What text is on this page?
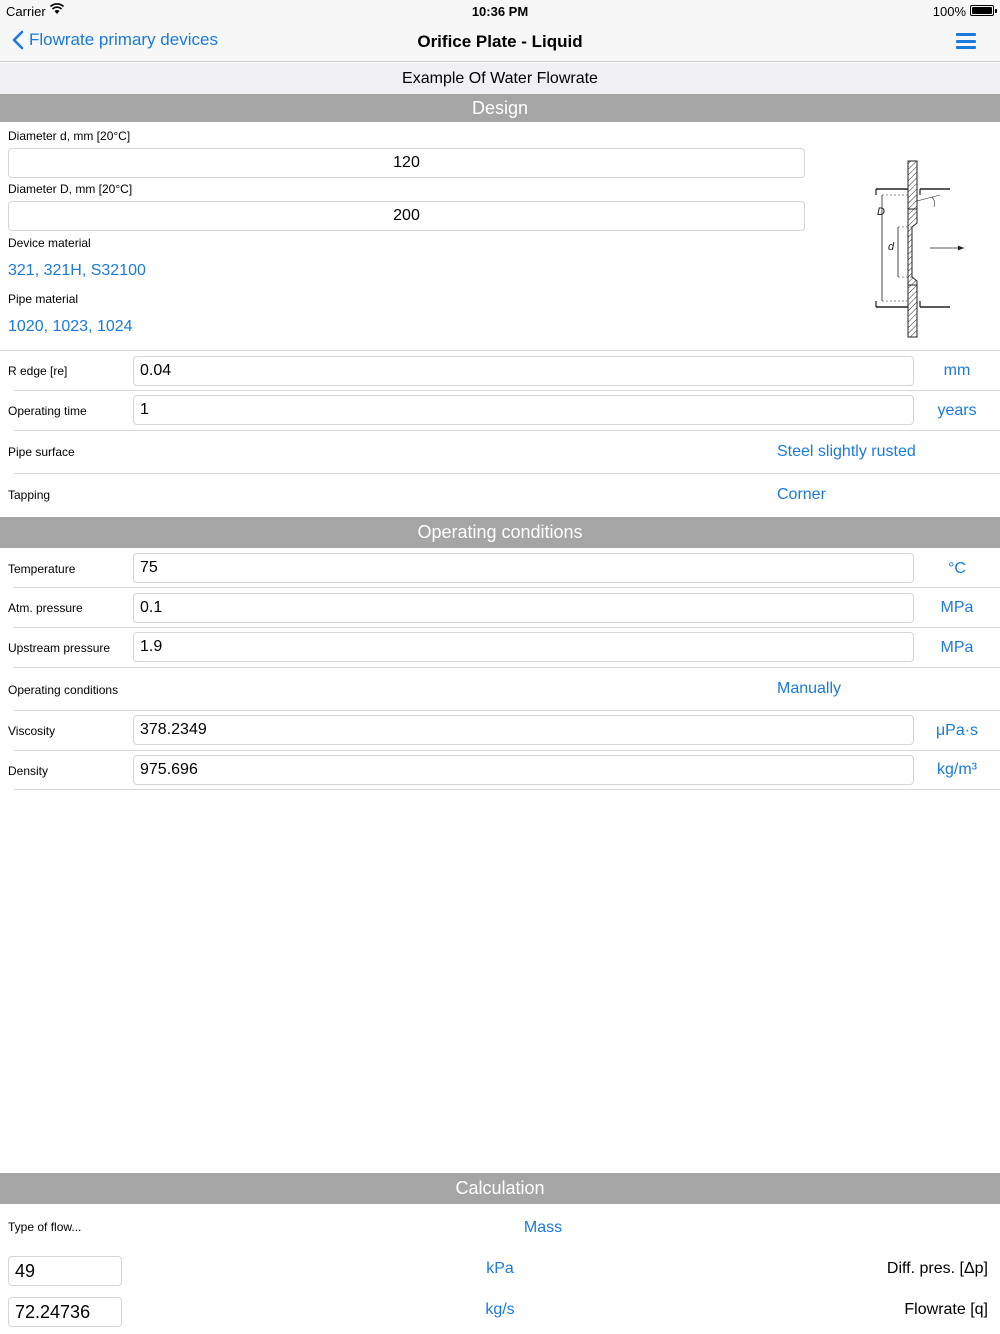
Carrier	10:36 PM	100%
Flowrate primary devices	Orifice Plate - Liquid
Example Of Water Flowrate
Design
Diameter d, mm [20°C]
120
Diameter D, mm [20°C]
200
Device material
321, 321H, S32100
Pipe material
1020, 1023, 1024
D
d
R edge [re]	0.04	mm
Operating time	1	years
Pipe surface	Steel slightly rusted
Tapping	Corner
Operating conditions
Temperature	75	°C
Atm. pressure	0.1	MPa
Upstream pressure	1.9	MPa
Operating conditions	Manually
Viscosity	378.2349	μPa·s
Density	975.696	kg/m³
Calculation
Type of flow...	Mass
49	kPa	Diff. pres. [Δp]
72.24736	kg/s	Flowrate [q]
